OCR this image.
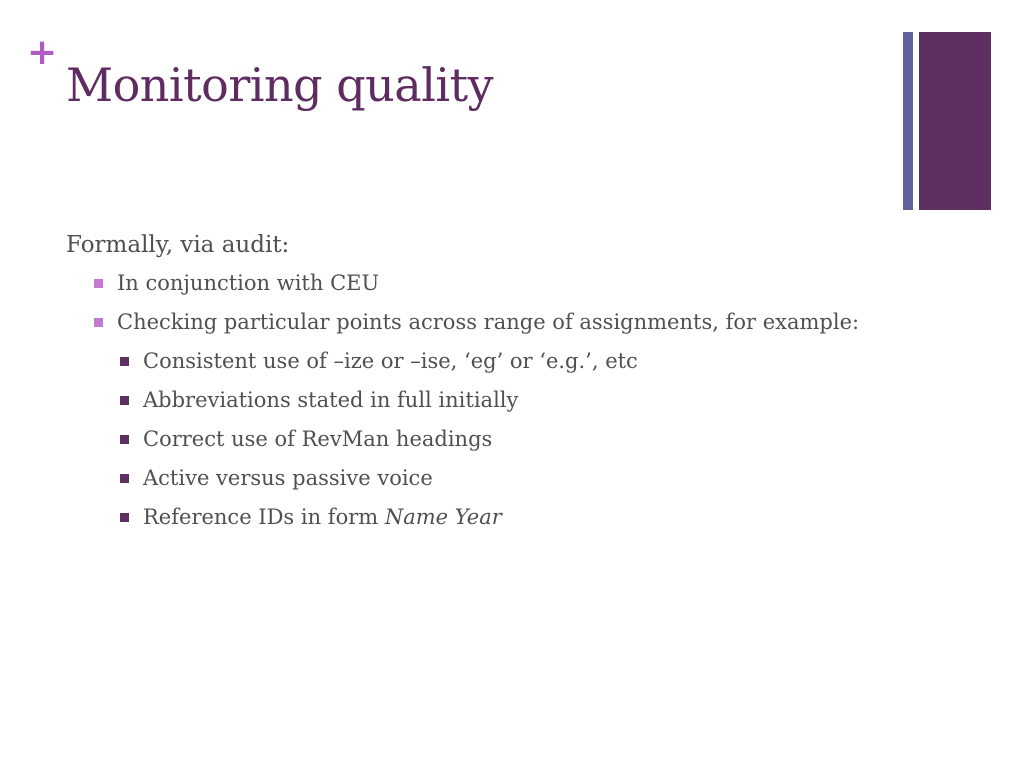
+
Monitoring quality

Formally, via audit:

In conjunction with CEU
Checking particular points across range of assignments, for example:
Consistent use of –ize or –ise, ‘eg’ or ‘e.g.’, etc
Abbreviations stated in full initially
Correct use of RevMan headings
Active versus passive voice
Reference IDs in form Name Year
